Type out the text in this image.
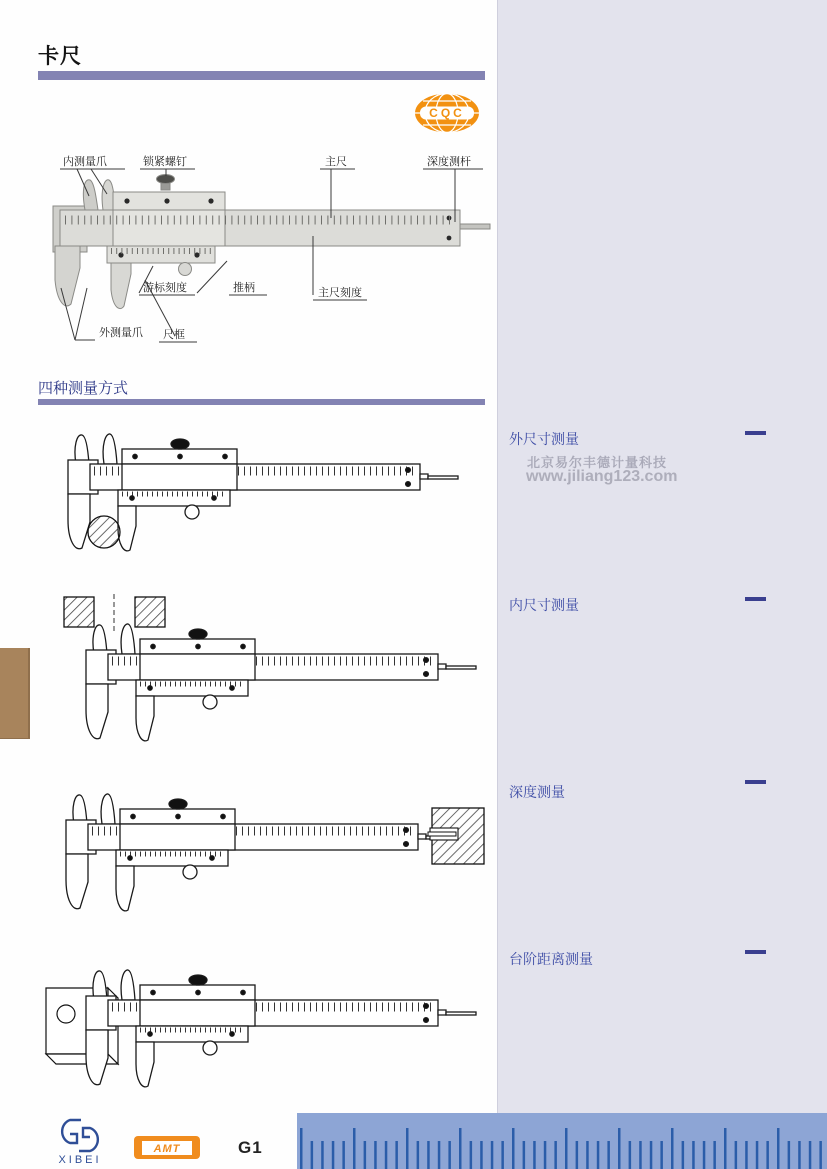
卡尺
CQC
内测量爪	锁紧螺钉	主尺	深度测杆
游标刻度	推柄	主尺刻度
外测量爪 尺框
四种测量方式
外尺寸测量
北京易尔丰德计量科技
www.jiliang123.com
内尺寸测量
深度测量
台阶距离测量
XIBEI
AMT	G1
